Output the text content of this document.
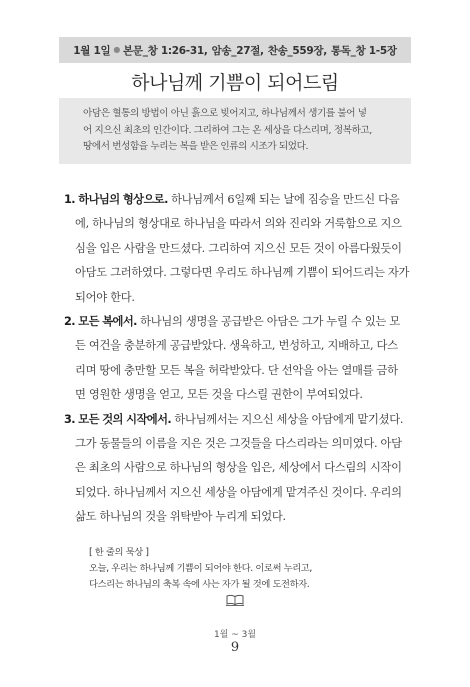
1월 1일 ● 본문_창 1:26-31, 암송_27절, 찬송_559장, 통독_창 1-5장
하나님께 기쁨이 되어드림
아담은 혈통의 방법이 아닌 흙으로 빚어지고, 하나님께서 생기를 불어 넣
어 지으신 최초의 인간이다. 그리하여 그는 온 세상을 다스리며, 정복하고,
땅에서 번성함을 누리는 복을 받은 인류의 시조가 되었다.
1. 하나님의 형상으로. 하나님께서 6일째 되는 날에 짐승을 만드신 다음
에, 하나님의 형상대로 하나님을 따라서 의와 진리와 거룩함으로 지으
심을 입은 사람을 만드셨다. 그리하여 지으신 모든 것이 아름다웠듯이
아담도 그러하였다. 그렇다면 우리도 하나님께 기쁨이 되어드리는 자가
되어야 한다.
2. 모든 복에서. 하나님의 생명을 공급받은 아담은 그가 누릴 수 있는 모
든 여건을 충분하게 공급받았다. 생육하고, 번성하고, 지배하고, 다스
리며 땅에 충만할 모든 복을 허락받았다. 단 선악을 아는 열매를 금하
면 영원한 생명을 얻고, 모든 것을 다스릴 권한이 부여되었다.
3. 모든 것의 시작에서. 하나님께서는 지으신 세상을 아담에게 맡기셨다.
그가 동물들의 이름을 지은 것은 그것들을 다스리라는 의미였다. 아담
은 최초의 사람으로 하나님의 형상을 입은, 세상에서 다스림의 시작이
되었다. 하나님께서 지으신 세상을 아담에게 맡겨주신 것이다. 우리의
삶도 하나님의 것을 위탁받아 누리게 되었다.
[ 한 줄의 묵상 ]
오늘, 우리는 하나님께 기쁨이 되어야 한다. 이로써 누리고,
다스리는 하나님의 축복 속에 사는 자가 될 것에 도전하자.
1월 ~ 3월
9
